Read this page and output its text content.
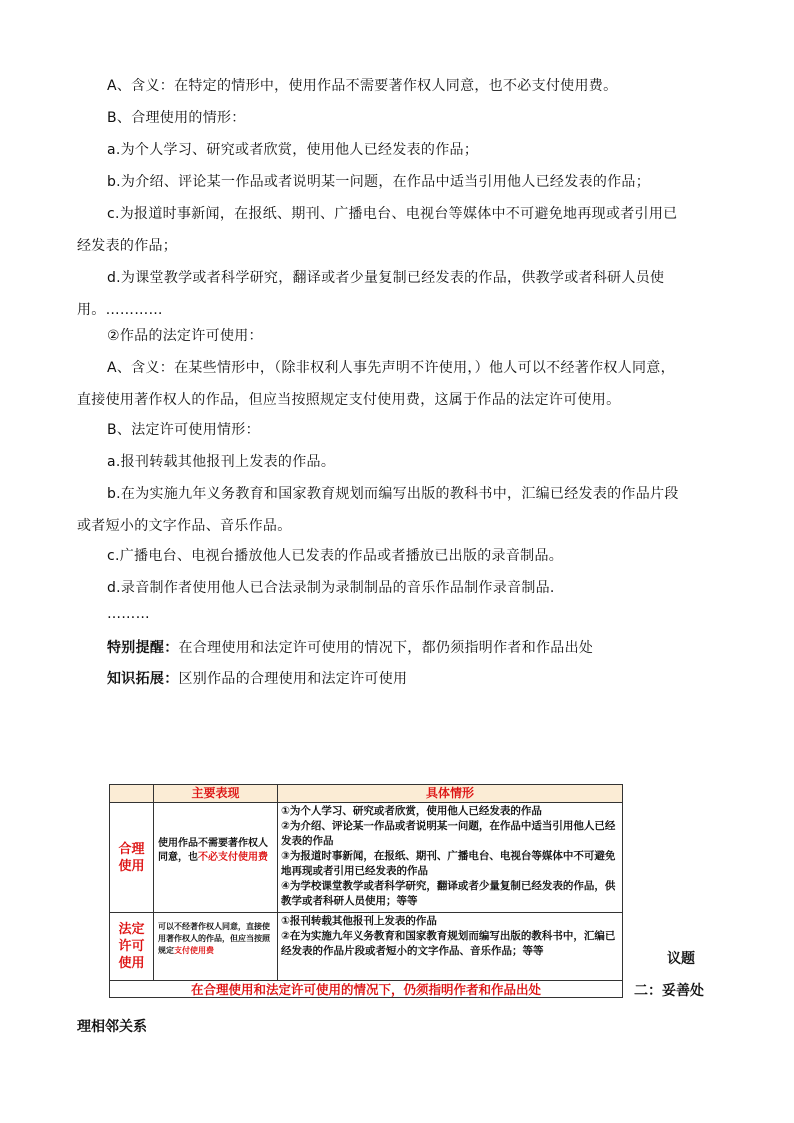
A、含义：在特定的情形中，使用作品不需要著作权人同意，也不必支付使用费。
B、合理使用的情形：
a.为个人学习、研究或者欣赏，使用他人已经发表的作品；
b.为介绍、评论某一作品或者说明某一问题，在作品中适当引用他人已经发表的作品；
c.为报道时事新闻，在报纸、期刊、广播电台、电视台等媒体中不可避免地再现或者引用已经发表的作品；
d.为课堂教学或者科学研究，翻译或者少量复制已经发表的作品，供教学或者科研人员使用。…………
②作品的法定许可使用：
A、含义：在某些情形中，（除非权利人事先声明不许使用，）他人可以不经著作权人同意，直接使用著作权人的作品，但应当按照规定支付使用费，这属于作品的法定许可使用。
B、法定许可使用情形：
a.报刊转载其他报刊上发表的作品。
b.在为实施九年义务教育和国家教育规划而编写出版的教科书中，汇编已经发表的作品片段或者短小的文字作品、音乐作品。
c.广播电台、电视台播放他人已发表的作品或者播放已出版的录音制品。
d.录音制作者使用他人已合法录制为录制制品的音乐作品制作录音制品.
………
特别提醒：在合理使用和法定许可使用的情况下，都仍须指明作者和作品出处
知识拓展：区别作品的合理使用和法定许可使用
主要表现	具体情形
合理使用
使用作品不需要著作权人同意，也不必支付使用费
①为个人学习、研究或者欣赏，使用他人已经发表的作品
②为介绍、评论某一作品或者说明某一问题，在作品中适当引用他人已经发表的作品
③为报道时事新闻，在报纸、期刊、广播电台、电视台等媒体中不可避免地再现或者引用已经发表的作品
④为学校课堂教学或者科学研究，翻译或者少量复制已经发表的作品，供教学或者科研人员使用；等等
法定许可使用
可以不经著作权人同意，直接使用著作权人的作品，但应当按照规定支付使用费
①报刊转载其他报刊上发表的作品
②在为实施九年义务教育和国家教育规划而编写出版的教科书中，汇编已经发表的作品片段或者短小的文字作品、音乐作品；等等
在合理使用和法定许可使用的情况下，仍须指明作者和作品出处
议题
二：妥善处
理相邻关系
